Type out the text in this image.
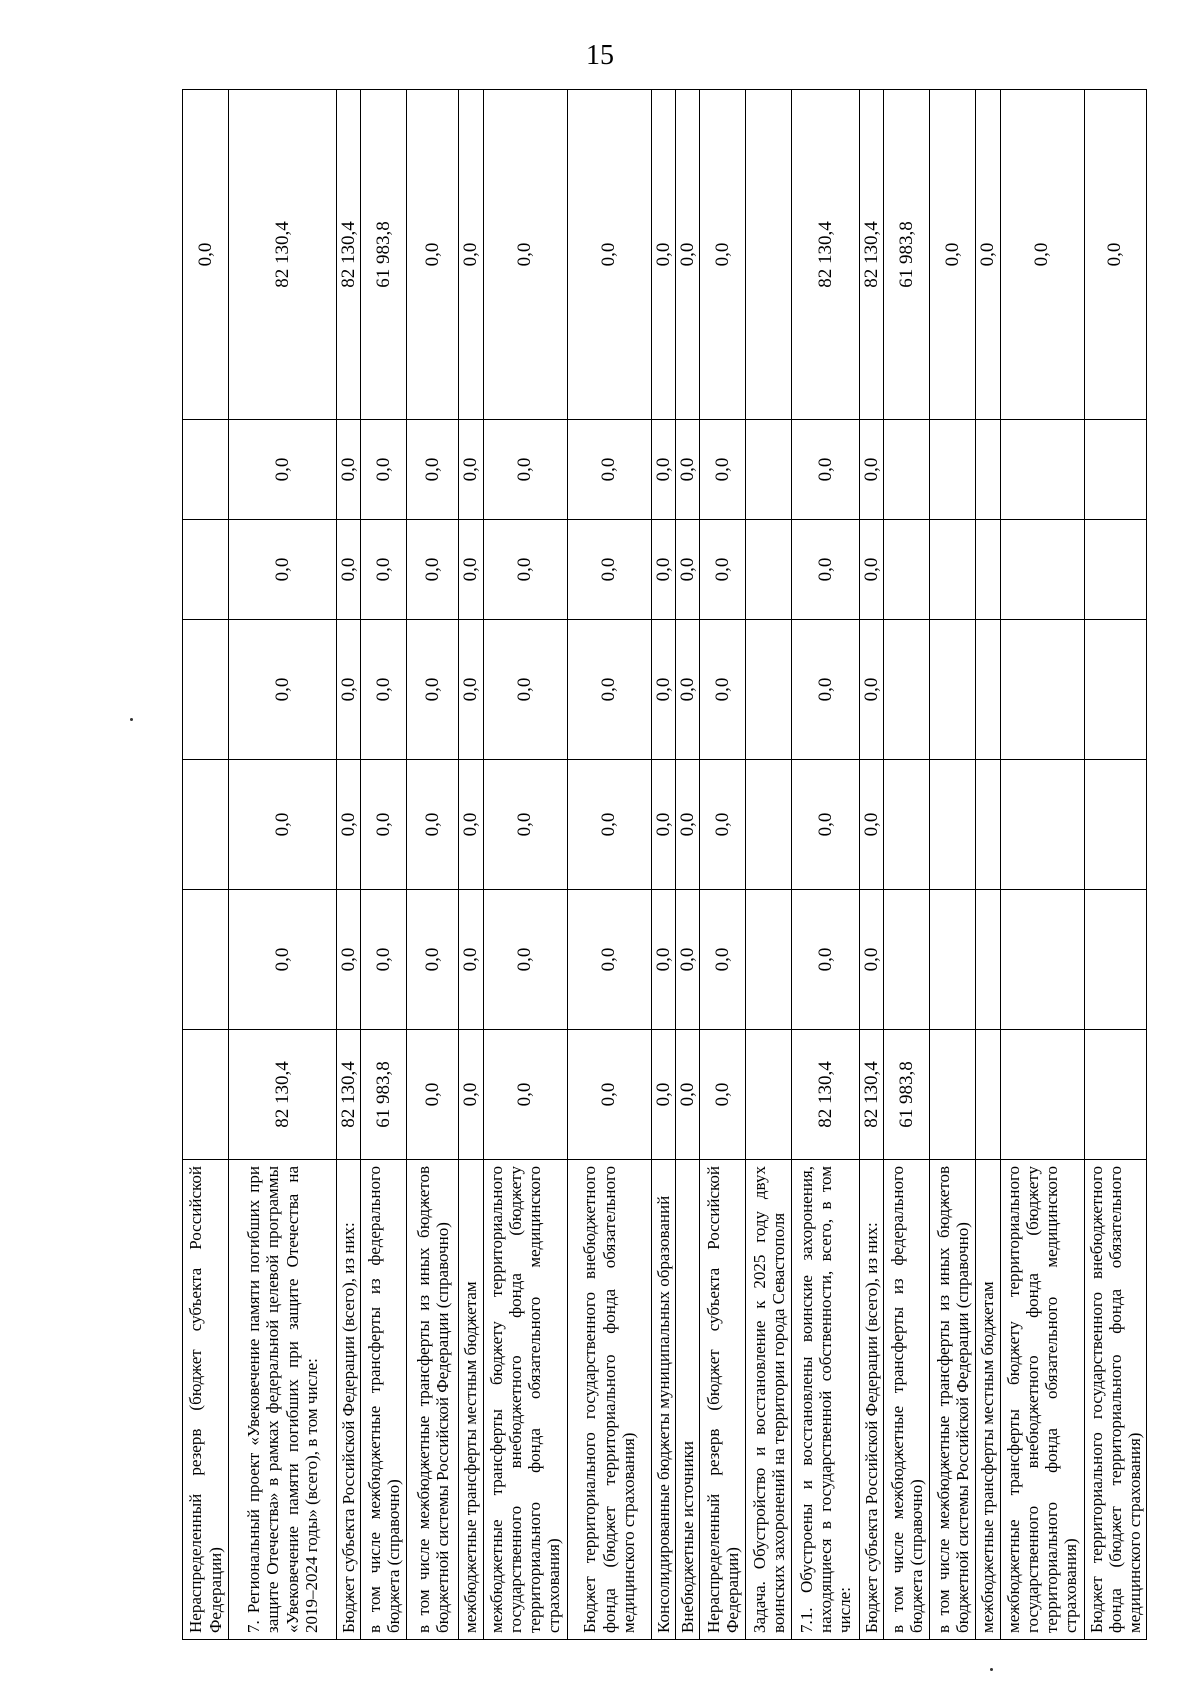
15
Нераспределенный резерв (бюджет субъекта Российской Федерации)							0,0
7. Региональный проект «Увековечение памяти погибших при защите Отечества» в рамках федеральной целевой программы «Увековечение памяти погибших при защите Отечества на 2019–2024 годы» (всего), в том числе:	82 130,4	0,0	0,0	0,0	0,0	0,0	82 130,4
Бюджет субъекта Российской Федерации (всего), из них:	82 130,4	0,0	0,0	0,0	0,0	0,0	82 130,4
в том числе межбюджетные трансферты из федерального бюджета (справочно)	61 983,8	0,0	0,0	0,0	0,0	0,0	61 983,8
в том числе межбюджетные трансферты из иных бюджетов бюджетной системы Российской Федерации (справочно)	0,0	0,0	0,0	0,0	0,0	0,0	0,0
межбюджетные трансферты местным бюджетам	0,0	0,0	0,0	0,0	0,0	0,0	0,0
межбюджетные трансферты бюджету территориального государственного внебюджетного фонда (бюджету территориального фонда обязательного медицинского страхования)	0,0	0,0	0,0	0,0	0,0	0,0	0,0
Бюджет территориального государственного внебюджетного фонда (бюджет территориального фонда обязательного медицинского страхования)	0,0	0,0	0,0	0,0	0,0	0,0	0,0
Консолидированные бюджеты муниципальных образований	0,0	0,0	0,0	0,0	0,0	0,0	0,0
Внебюджетные источники	0,0	0,0	0,0	0,0	0,0	0,0	0,0
Нераспределенный резерв (бюджет субъекта Российской Федерации)	0,0	0,0	0,0	0,0	0,0	0,0	0,0
Задача. Обустройство и восстановление к 2025 году двух воинских захоронений на территории города Севастополя							
7.1. Обустроены и восстановлены воинские захоронения, находящиеся в государственной собственности, всего, в том числе:	82 130,4	0,0	0,0	0,0	0,0	0,0	82 130,4
Бюджет субъекта Российской Федерации (всего), из них:	82 130,4	0,0	0,0	0,0	0,0	0,0	82 130,4
в том числе межбюджетные трансферты из федерального бюджета (справочно)	61 983,8						61 983,8
в том числе межбюджетные трансферты из иных бюджетов бюджетной системы Российской Федерации (справочно)							0,0
межбюджетные трансферты местным бюджетам							0,0
межбюджетные трансферты бюджету территориального государственного внебюджетного фонда (бюджету территориального фонда обязательного медицинского страхования)							0,0
Бюджет территориального государственного внебюджетного фонда (бюджет территориального фонда обязательного медицинского страхования)							0,0
